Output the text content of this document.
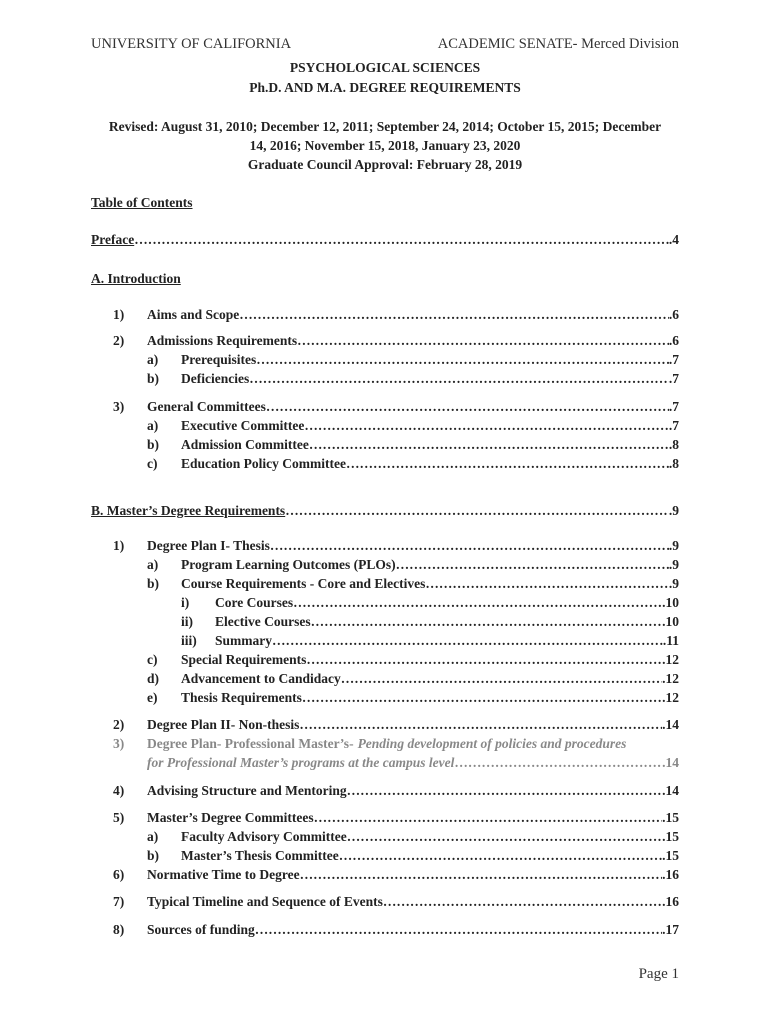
UNIVERSITY OF CALIFORNIA	ACADEMIC SENATE- Merced Division
PSYCHOLOGICAL SCIENCES
Ph.D. AND M.A. DEGREE REQUIREMENTS
Revised: August 31, 2010; December 12, 2011; September 24, 2014; October 15, 2015; December
14, 2016; November 15, 2018, January 23, 2020
Graduate Council Approval: February 28, 2019
Table of Contents
Preface ………………………………………………………………………………………………………………………………………………………………	.4
A. Introduction
1) Aims and Scope ………………………………………………………………………………………………………………………………………………………………	.6
2) Admissions Requirements ………………………………………………………………………………………………………………………………………………………………	.6
a) Prerequisites ………………………………………………………………………………………………………………………………………………………………	.7
b) Deficiencies ………………………………………………………………………………………………………………………………………………………………	.7
3) General Committees ………………………………………………………………………………………………………………………………………………………………	.7
a) Executive Committee ………………………………………………………………………………………………………………………………………………………………	.7
b) Admission Committee ………………………………………………………………………………………………………………………………………………………………	.8
c) Education Policy Committee ………………………………………………………………………………………………………………………………………………………………	.8
B. Master’s Degree Requirements ………………………………………………………………………………………………………………………………………………………………	.9
1) Degree Plan I- Thesis ………………………………………………………………………………………………………………………………………………………………	.9
a) Program Learning Outcomes (PLOs) ………………………………………………………………………………………………………………………………………………………………	.9
b) Course Requirements - Core and Electives ………………………………………………………………………………………………………………………………………………………………	.9
i) Core Courses ………………………………………………………………………………………………………………………………………………………………	.10
ii) Elective Courses ………………………………………………………………………………………………………………………………………………………………	.10
iii) Summary ………………………………………………………………………………………………………………………………………………………………	.11
c) Special Requirements ………………………………………………………………………………………………………………………………………………………………	.12
d) Advancement to Candidacy ………………………………………………………………………………………………………………………………………………………………	.12
e) Thesis Requirements ………………………………………………………………………………………………………………………………………………………………	.12
2) Degree Plan II- Non-thesis ………………………………………………………………………………………………………………………………………………………………	.14
3) Degree Plan- Professional Master’s- Pending development of policies and procedures
for Professional Master’s programs at the campus level ………………………………………………………………………………………………………………………………………………………………	.14
4) Advising Structure and Mentoring ………………………………………………………………………………………………………………………………………………………………	.14
5) Master’s Degree Committees ………………………………………………………………………………………………………………………………………………………………	.15
a) Faculty Advisory Committee ………………………………………………………………………………………………………………………………………………………………	.15
b) Master’s Thesis Committee ………………………………………………………………………………………………………………………………………………………………	.15
6) Normative Time to Degree ………………………………………………………………………………………………………………………………………………………………	.16
7) Typical Timeline and Sequence of Events ………………………………………………………………………………………………………………………………………………………………	.16
8) Sources of funding ………………………………………………………………………………………………………………………………………………………………	.17
Page 1
